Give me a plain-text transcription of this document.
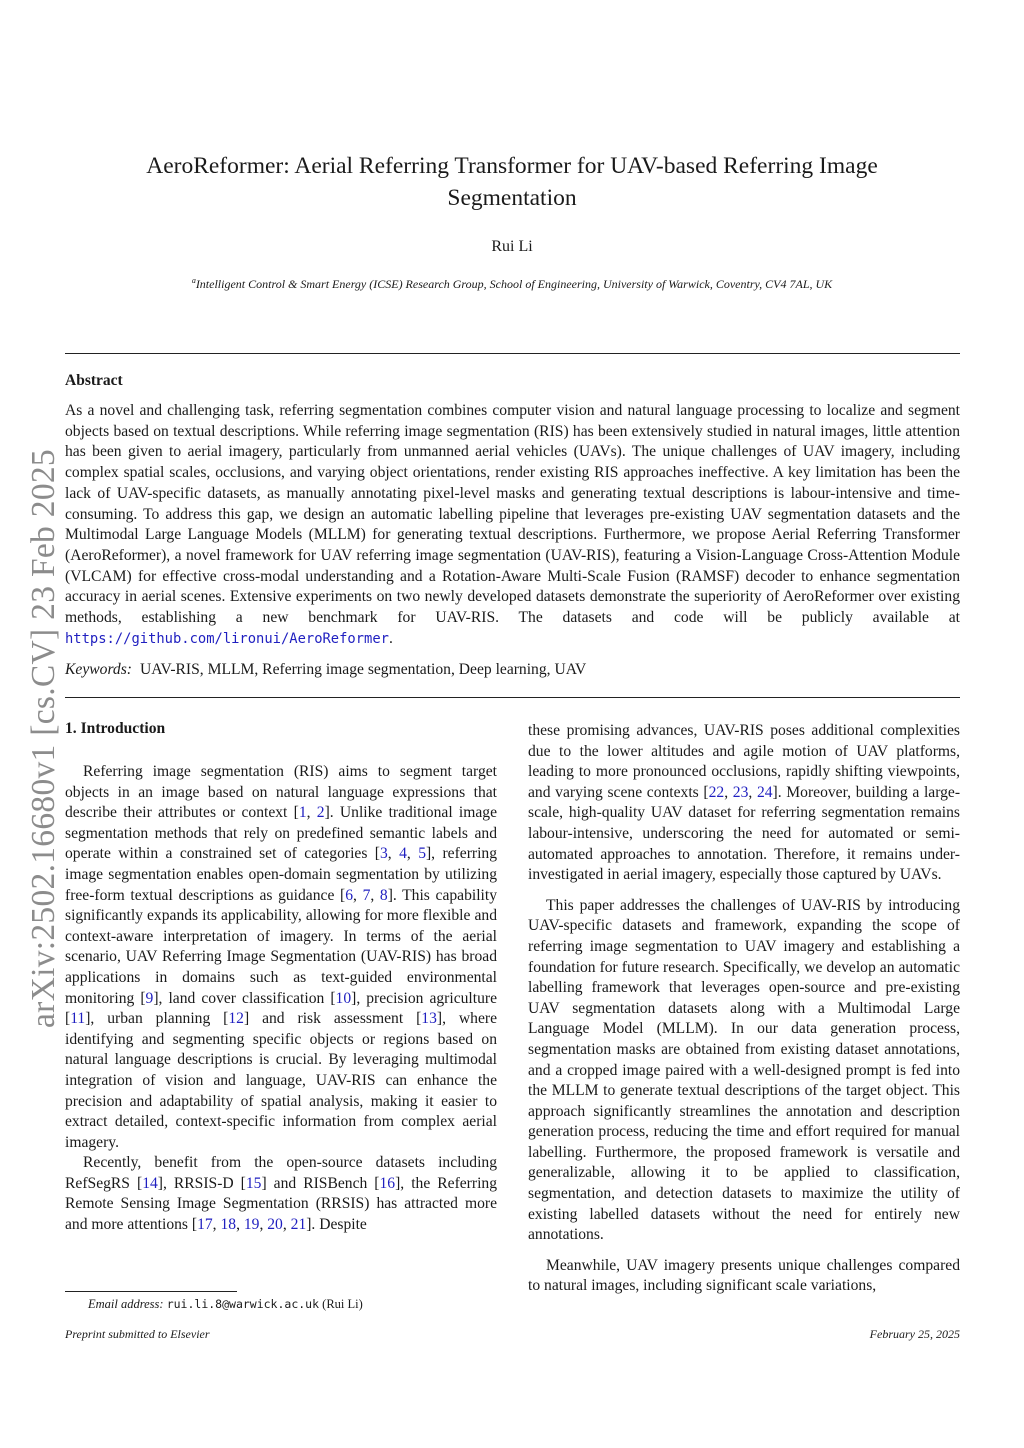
arXiv:2502.16680v1 [cs.CV] 23 Feb 2025
AeroReformer: Aerial Referring Transformer for UAV-based Referring Image Segmentation
Rui Li
$^a$Intelligent Control & Smart Energy (ICSE) Research Group, School of Engineering, University of Warwick, Coventry, CV4 7AL, UK
Abstract
As a novel and challenging task, referring segmentation combines computer vision and natural language processing to localize and segment objects based on textual descriptions. While referring image segmentation (RIS) has been extensively studied in natural images, little attention has been given to aerial imagery, particularly from unmanned aerial vehicles (UAVs). The unique challenges of UAV imagery, including complex spatial scales, occlusions, and varying object orientations, render existing RIS approaches ineffective. A key limitation has been the lack of UAV-specific datasets, as manually annotating pixel-level masks and generating textual descriptions is labour-intensive and time-consuming. To address this gap, we design an automatic labelling pipeline that leverages pre-existing UAV segmentation datasets and the Multimodal Large Language Models (MLLM) for generating textual descriptions. Furthermore, we propose Aerial Referring Transformer (AeroReformer), a novel framework for UAV referring image segmentation (UAV-RIS), featuring a Vision-Language Cross-Attention Module (VLCAM) for effective cross-modal understanding and a Rotation-Aware Multi-Scale Fusion (RAMSF) decoder to enhance segmentation accuracy in aerial scenes. Extensive experiments on two newly developed datasets demonstrate the superiority of AeroReformer over existing methods, establishing a new benchmark for UAV-RIS. The datasets and code will be publicly available at https://github.com/lironui/AeroReformer.
Keywords: UAV-RIS, MLLM, Referring image segmentation, Deep learning, UAV
1. Introduction

Referring image segmentation (RIS) aims to segment target objects in an image based on natural language expressions that describe their attributes or context [1, 2]. Unlike traditional image segmentation methods that rely on predefined semantic labels and operate within a constrained set of categories [3, 4, 5], referring image segmentation enables open-domain segmentation by utilizing free-form textual descriptions as guidance [6, 7, 8]. This capability significantly expands its applicability, allowing for more flexible and context-aware interpretation of imagery. In terms of the aerial scenario, UAV Referring Image Segmentation (UAV-RIS) has broad applications in domains such as text-guided environmental monitoring [9], land cover classification [10], precision agriculture [11], urban planning [12] and risk assessment [13], where identifying and segmenting specific objects or regions based on natural language descriptions is crucial. By leveraging multimodal integration of vision and language, UAV-RIS can enhance the precision and adaptability of spatial analysis, making it easier to extract detailed, context-specific information from complex aerial imagery.

Recently, benefit from the open-source datasets including RefSegRS [14], RRSIS-D [15] and RISBench [16], the Referring Remote Sensing Image Segmentation (RRSIS) has attracted more and more attentions [17, 18, 19, 20, 21]. Despite

these promising advances, UAV-RIS poses additional complexities due to the lower altitudes and agile motion of UAV platforms, leading to more pronounced occlusions, rapidly shifting viewpoints, and varying scene contexts [22, 23, 24]. Moreover, building a large-scale, high-quality UAV dataset for referring segmentation remains labour-intensive, underscoring the need for automated or semi-automated approaches to annotation. Therefore, it remains under-investigated in aerial imagery, especially those captured by UAVs.

This paper addresses the challenges of UAV-RIS by introducing UAV-specific datasets and framework, expanding the scope of referring image segmentation to UAV imagery and establishing a foundation for future research. Specifically, we develop an automatic labelling framework that leverages open-source and pre-existing UAV segmentation datasets along with a Multimodal Large Language Model (MLLM). In our data generation process, segmentation masks are obtained from existing dataset annotations, and a cropped image paired with a well-designed prompt is fed into the MLLM to generate textual descriptions of the target object. This approach significantly streamlines the annotation and description generation process, reducing the time and effort required for manual labelling. Furthermore, the proposed framework is versatile and generalizable, allowing it to be applied to classification, segmentation, and detection datasets to maximize the utility of existing labelled datasets without the need for entirely new annotations.

Meanwhile, UAV imagery presents unique challenges compared to natural images, including significant scale variations,

Email address: rui.li.8@warwick.ac.uk (Rui Li)
Preprint submitted to Elsevier	February 25, 2025
